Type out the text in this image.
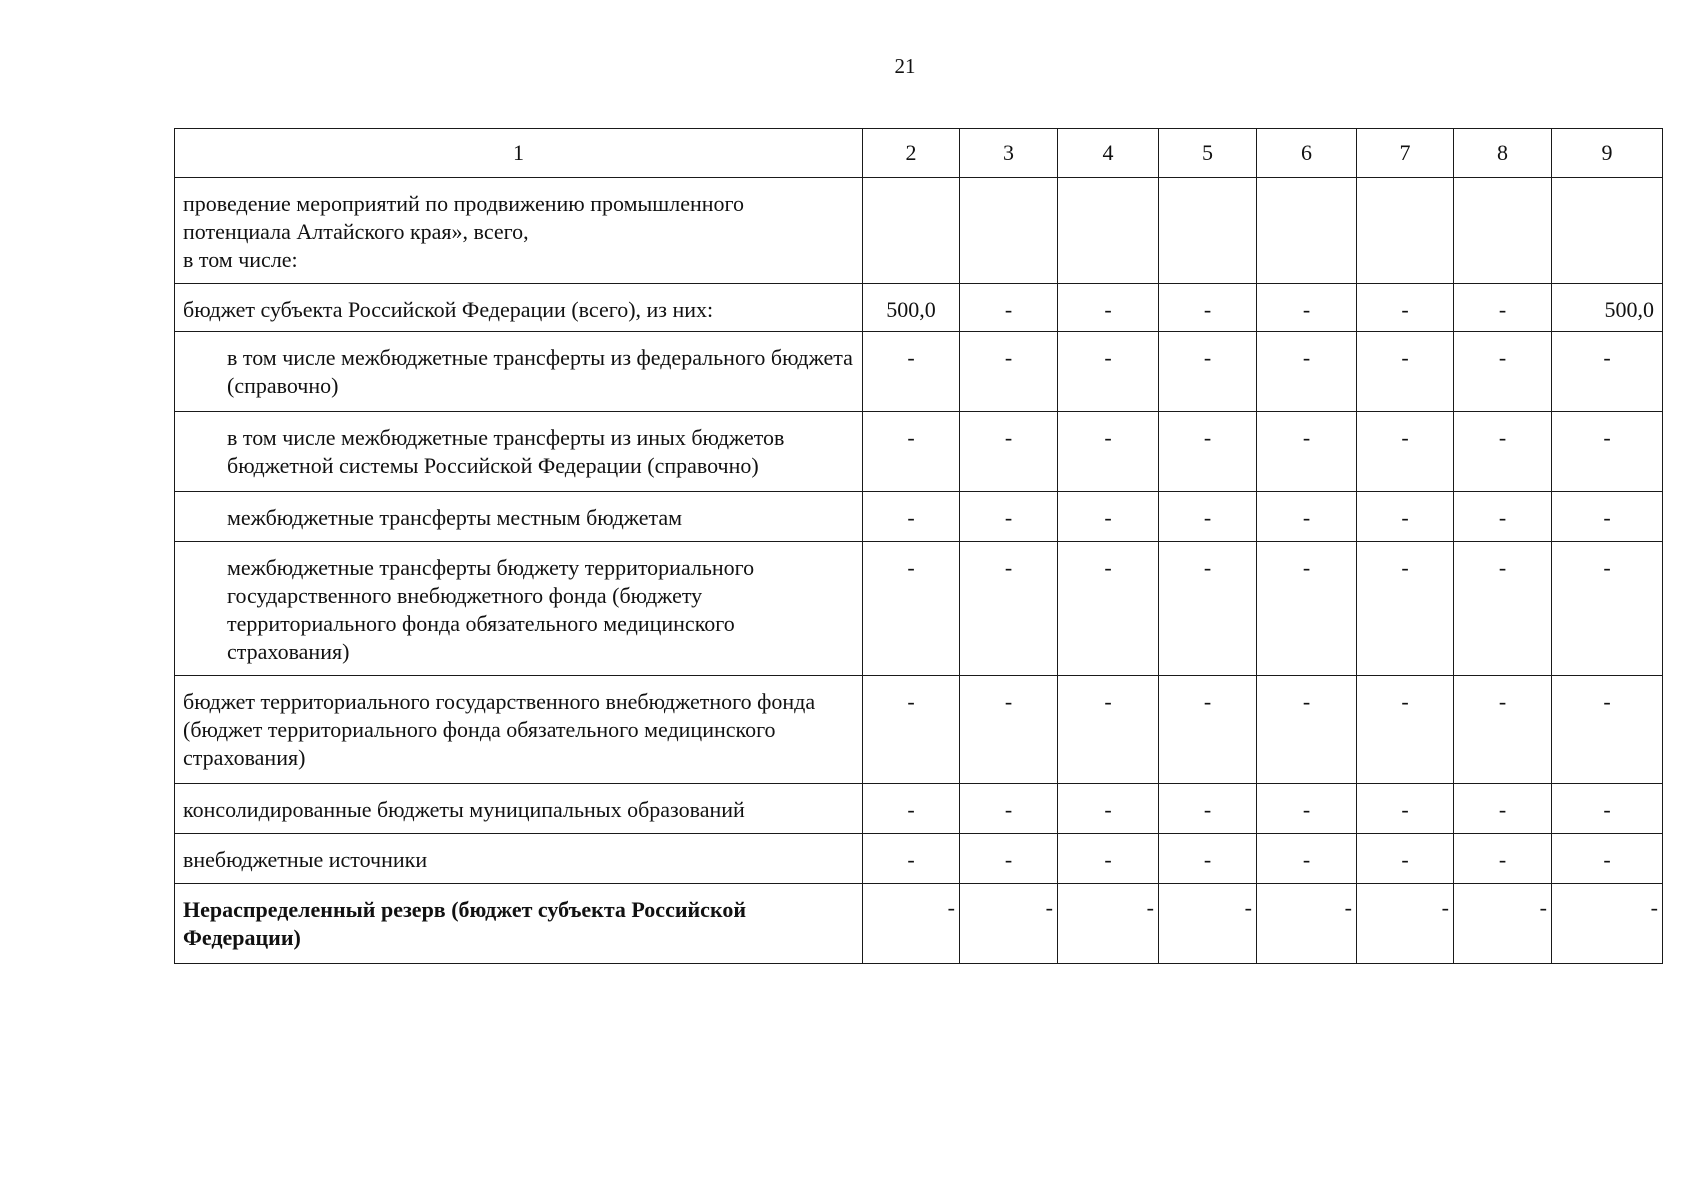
21
1	2	3	4	5	6	7	8	9
проведение мероприятий по продвижению промышленного потенциала Алтайского края», всего,
в том числе:								
бюджет субъекта Российской Федерации (всего), из них:	500,0	-	-	-	-	-	-	500,0
в том числе межбюджетные трансферты из федерального бюджета (справочно)	-	-	-	-	-	-	-	-
в том числе межбюджетные трансферты из иных бюджетов бюджетной системы Российской Федерации (справочно)	-	-	-	-	-	-	-	-
межбюджетные трансферты местным бюджетам	-	-	-	-	-	-	-	-
межбюджетные трансферты бюджету территориального государственного внебюджетного фонда (бюджету территориального фонда обязательного медицинского страхования)	-	-	-	-	-	-	-	-
бюджет территориального государственного внебюджетного фонда (бюджет территориального фонда обязательного медицинского страхования)	-	-	-	-	-	-	-	-
консолидированные бюджеты муниципальных образований	-	-	-	-	-	-	-	-
внебюджетные источники	-	-	-	-	-	-	-	-
Нераспределенный резерв (бюджет субъекта Российской Федерации)	-	-	-	-	-	-	-	-
